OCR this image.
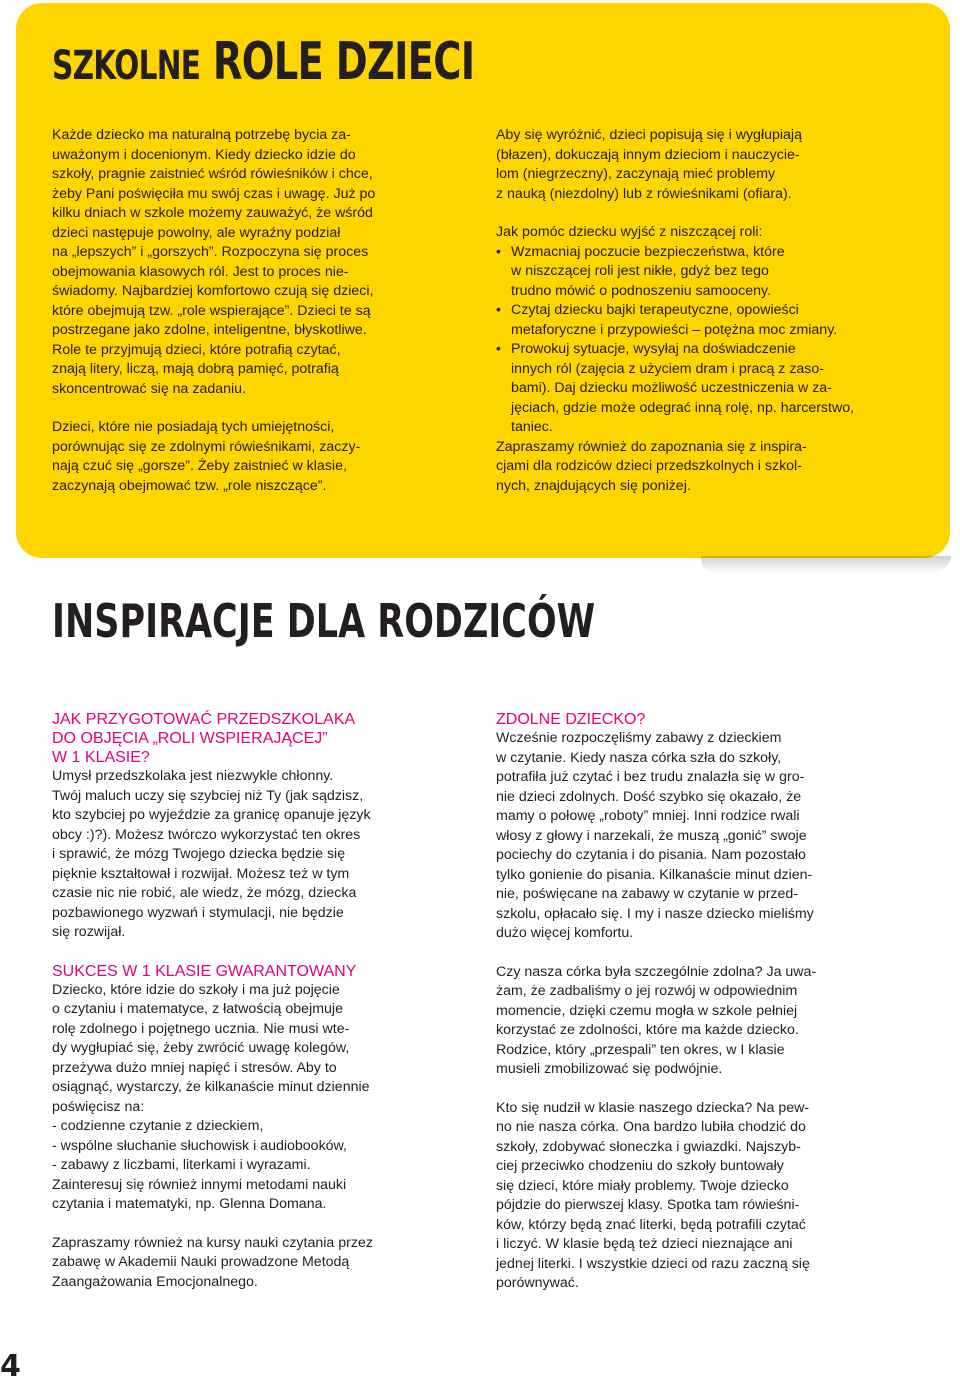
SZKOLNE ROLE DZIECI

Każde dziecko ma naturalną potrzebę bycia za-
uważonym i docenionym. Kiedy dziecko idzie do
szkoły, pragnie zaistnieć wśród rówieśników i chce,
żeby Pani poświęciła mu swój czas i uwagę. Już po
kilku dniach w szkole możemy zauważyć, że wśród
dzieci następuje powolny, ale wyraźny podział
na „lepszych” i „gorszych”. Rozpoczyna się proces
obejmowania klasowych ról. Jest to proces nie-
świadomy. Najbardziej komfortowo czują się dzieci,
które obejmują tzw. „role wspierające”. Dzieci te są
postrzegane jako zdolne, inteligentne, błyskotliwe.
Role te przyjmują dzieci, które potrafią czytać,
znają litery, liczą, mają dobrą pamięć, potrafią
skoncentrować się na zadaniu.

Dzieci, które nie posiadają tych umiejętności,
porównując się ze zdolnymi rówieśnikami, zaczy-
nają czuć się „gorsze”. Żeby zaistnieć w klasie,
zaczynają obejmować tzw. „role niszczące”.

Aby się wyróżnić, dzieci popisują się i wygłupiają
(błazen), dokuczają innym dzieciom i nauczycie-
lom (niegrzeczny), zaczynają mieć problemy
z nauką (niezdolny) lub z rówieśnikami (ofiara).

Jak pomóc dziecku wyjść z niszczącej roli:

• Wzmacniaj poczucie bezpieczeństwa, które
w niszczącej roli jest nikłe, gdyż bez tego
trudno mówić o podnoszeniu samooceny.
• Czytaj dziecku bajki terapeutyczne, opowieści
metaforyczne i przypowieści – potężna moc zmiany.
• Prowokuj sytuacje, wysyłaj na doświadczenie
innych ról (zajęcia z użyciem dram i pracą z zaso-
bami). Daj dziecku możliwość uczestniczenia w za-
jęciach, gdzie może odegrać inną rolę, np. harcerstwo,
taniec.

Zapraszamy również do zapoznania się z inspira-
cjami dla rodziców dzieci przedszkolnych i szkol-
nych, znajdujących się poniżej.

INSPIRACJE DLA RODZICÓW

JAK PRZYGOTOWAĆ PRZEDSZKOLAKA
DO OBJĘCIA „ROLI WSPIERAJĄCEJ”
W 1 KLASIE?

Umysł przedszkolaka jest niezwykle chłonny.
Twój maluch uczy się szybciej niż Ty (jak sądzisz,
kto szybciej po wyjeździe za granicę opanuje język
obcy :)?). Możesz twórczo wykorzystać ten okres
i sprawić, że mózg Twojego dziecka będzie się
pięknie kształtował i rozwijał. Możesz też w tym
czasie nic nie robić, ale wiedz, że mózg, dziecka
pozbawionego wyzwań i stymulacji, nie będzie
się rozwijał.

SUKCES W 1 KLASIE GWARANTOWANY

Dziecko, które idzie do szkoły i ma już pojęcie
o czytaniu i matematyce, z łatwością obejmuje
rolę zdolnego i pojętnego ucznia. Nie musi wte-
dy wygłupiać się, żeby zwrócić uwagę kolegów,
przeżywa dużo mniej napięć i stresów. Aby to
osiągnąć, wystarczy, że kilkanaście minut dziennie
poświęcisz na:
- codzienne czytanie z dzieckiem,
- wspólne słuchanie słuchowisk i audiobooków,
- zabawy z liczbami, literkami i wyrazami.
Zainteresuj się również innymi metodami nauki
czytania i matematyki, np. Glenna Domana.

Zapraszamy również na kursy nauki czytania przez
zabawę w Akademii Nauki prowadzone Metodą
Zaangażowania Emocjonalnego.

ZDOLNE DZIECKO?

Wcześnie rozpoczęliśmy zabawy z dzieckiem
w czytanie. Kiedy nasza córka szła do szkoły,
potrafiła już czytać i bez trudu znalazła się w gro-
nie dzieci zdolnych. Dość szybko się okazało, że
mamy o połowę „roboty” mniej. Inni rodzice rwali
włosy z głowy i narzekali, że muszą „gonić” swoje
pociechy do czytania i do pisania. Nam pozostało
tylko gonienie do pisania. Kilkanaście minut dzien-
nie, poświęcane na zabawy w czytanie w przed-
szkolu, opłacało się. I my i nasze dziecko mieliśmy
dużo więcej komfortu.

Czy nasza córka była szczególnie zdolna? Ja uwa-
żam, że zadbaliśmy o jej rozwój w odpowiednim
momencie, dzięki czemu mogła w szkole pełniej
korzystać ze zdolności, które ma każde dziecko.
Rodzice, który „przespali” ten okres, w I klasie
musieli zmobilizować się podwójnie.

Kto się nudził w klasie naszego dziecka? Na pew-
no nie nasza córka. Ona bardzo lubiła chodzić do
szkoły, zdobywać słoneczka i gwiazdki. Najszyb-
ciej przeciwko chodzeniu do szkoły buntowały
się dzieci, które miały problemy. Twoje dziecko
pójdzie do pierwszej klasy. Spotka tam rówieśni-
ków, którzy będą znać literki, będą potrafili czytać
i liczyć. W klasie będą też dzieci nieznające ani
jednej literki. I wszystkie dzieci od razu zaczną się
porównywać.

4
